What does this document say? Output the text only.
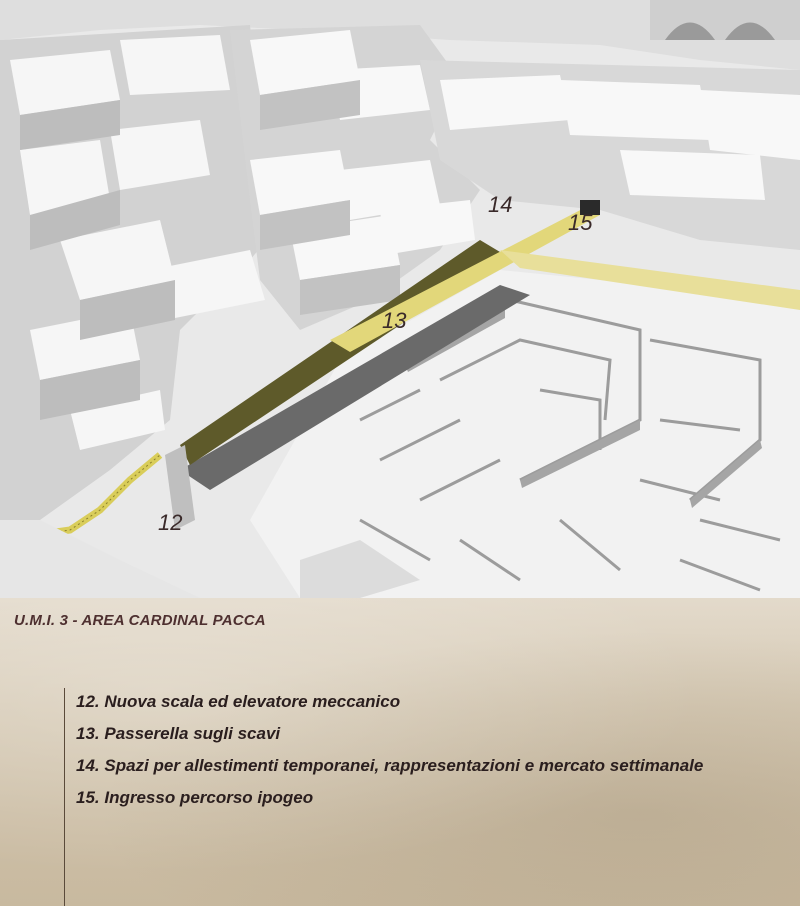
12
13
14
15
U.M.I. 3 - AREA CARDINAL PACCA
12. Nuova scala ed elevatore meccanico
13. Passerella sugli scavi
14. Spazi per allestimenti temporanei, rappresentazioni e mercato settimanale
15. Ingresso percorso ipogeo
